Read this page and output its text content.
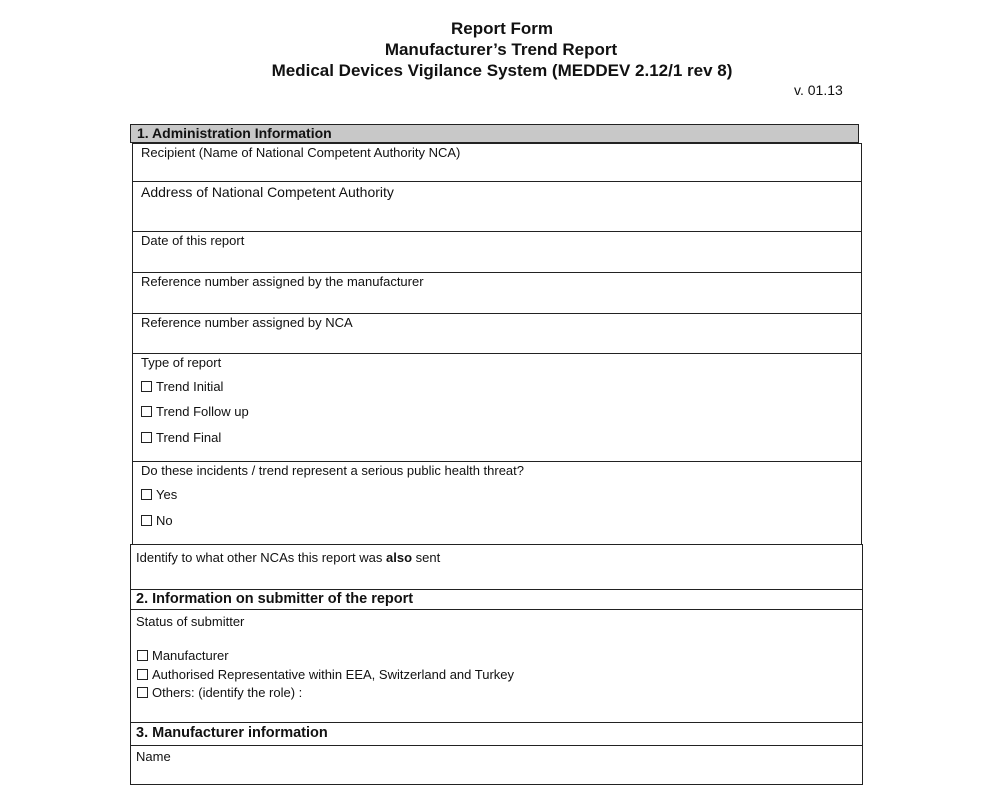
Report Form
Manufacturer’s Trend Report
Medical Devices Vigilance System (MEDDEV 2.12/1 rev 8)
v. 01.13
1. Administration Information
Recipient (Name of National Competent Authority NCA)
Address of National Competent Authority
Date of this report
Reference number assigned by the manufacturer
Reference number assigned by NCA
Type of report
Trend Initial
Trend Follow up
Trend Final
Do these incidents / trend represent a serious public health threat?
Yes
No
Identify to what other NCAs this report was also sent
2. Information on submitter of the report
Status of submitter
Manufacturer
Authorised Representative within EEA, Switzerland and Turkey
Others: (identify the role) :
3. Manufacturer information
Name
